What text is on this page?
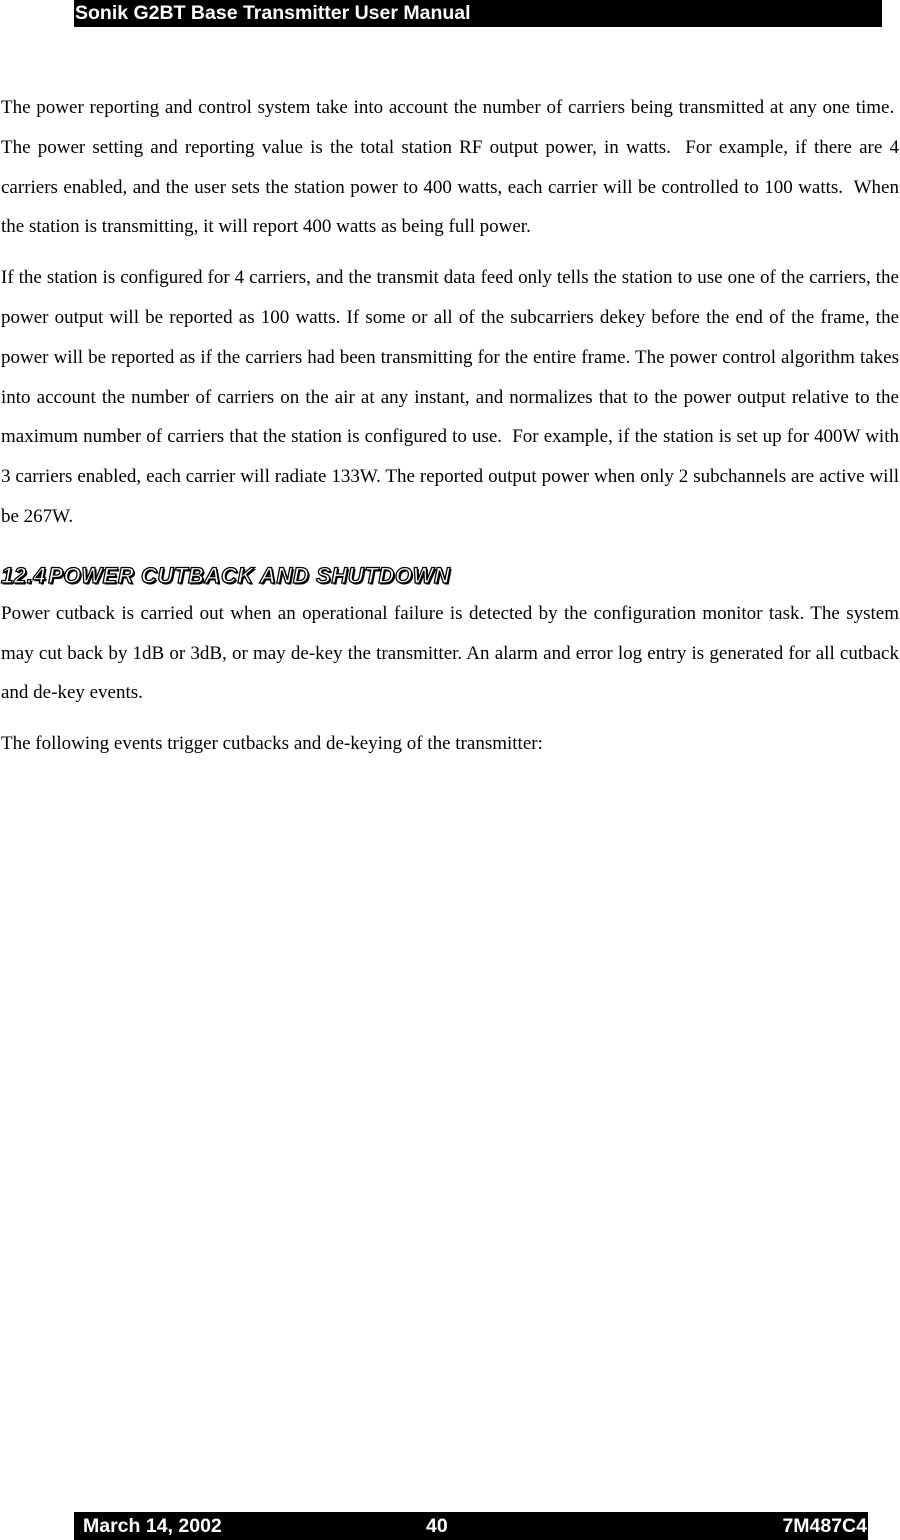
Sonik G2BT Base Transmitter User Manual

The power reporting and control system take into account the number of carriers being transmitted at any one time.  The power setting and reporting value is the total station RF output power, in watts.  For example, if there are 4 carriers enabled, and the user sets the station power to 400 watts, each carrier will be controlled to 100 watts.  When the station is transmitting, it will report 400 watts as being full power.

If the station is configured for 4 carriers, and the transmit data feed only tells the station to use one of the carriers, the power output will be reported as 100 watts. If some or all of the subcarriers dekey before the end of the frame, the power will be reported as if the carriers had been transmitting for the entire frame. The power control algorithm takes into account the number of carriers on the air at any instant, and normalizes that to the power output relative to the maximum number of carriers that the station is configured to use.  For example, if the station is set up for 400W with 3 carriers enabled, each carrier will radiate 133W. The reported output power when only 2 subchannels are active will be 267W.

12.4POWER CUTBACK AND SHUTDOWN

Power cutback is carried out when an operational failure is detected by the configuration monitor task. The system may cut back by 1dB or 3dB, or may de-key the transmitter. An alarm and error log entry is generated for all cutback and de-key events.

The following events trigger cutbacks and de-keying of the transmitter:

March 14, 2002	40	7M487C4
